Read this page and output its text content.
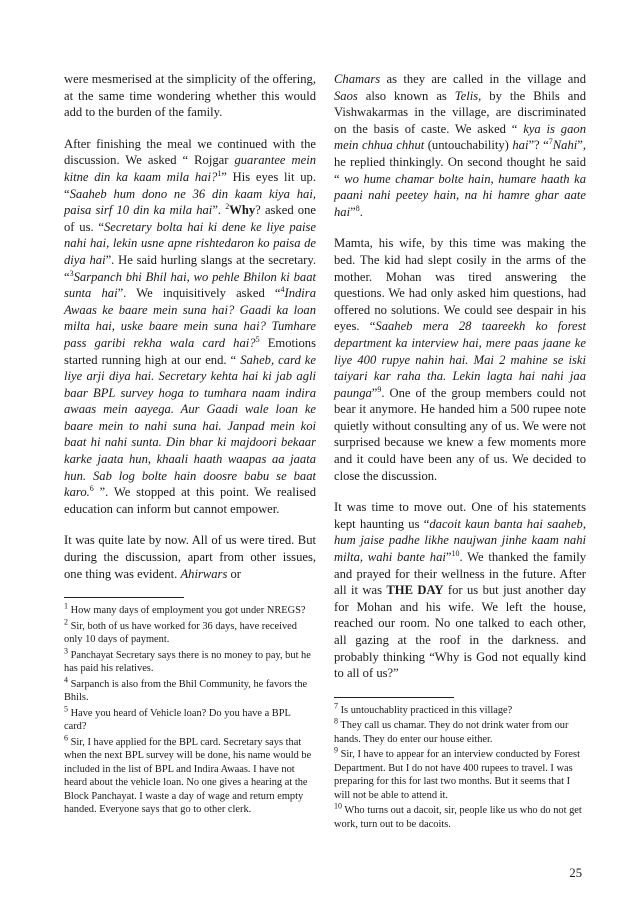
were mesmerised at the simplicity of the offering, at the same time wondering whether this would add to the burden of the family.

After finishing the meal we continued with the discussion. We asked “ Rojgar guarantee mein kitne din ka kaam mila hai?$^1$” His eyes lit up. “Saaheb hum dono ne 36 din kaam kiya hai, paisa sirf 10 din ka mila hai”. $^2$Why? asked one of us. “Secretary bolta hai ki dene ke liye paise nahi hai, lekin usne apne rishtedaron ko paisa de diya hai”. He said hurling slangs at the secretary. “$^3$Sarpanch bhi Bhil hai, wo pehle Bhilon ki baat sunta hai”. We inquisitively asked “$^4$Indira Awaas ke baare mein suna hai? Gaadi ka loan milta hai, uske baare mein suna hai? Tumhare pass garibi rekha wala card hai?$^5$ Emotions started running high at our end. “ Saheb, card ke liye arji diya hai. Secretary kehta hai ki jab agli baar BPL survey hoga to tumhara naam indira awaas mein aayega. Aur Gaadi wale loan ke baare mein to nahi suna hai. Janpad mein koi baat hi nahi sunta. Din bhar ki majdoori bekaar karke jaata hun, khaali haath waapas aa jaata hun. Sab log bolte hain doosre babu se baat karo.$^6$ ”. We stopped at this point. We realised education can inform but cannot empower.

It was quite late by now. All of us were tired. But during the discussion, apart from other issues, one thing was evident. Ahirwars or

$^1$ How many days of employment you got under NREGS?

$^2$ Sir, both of us have worked for 36 days, have received only 10 days of payment.

$^3$ Panchayat Secretary says there is no money to pay, but he has paid his relatives.

$^4$ Sarpanch is also from the Bhil Community, he favors the Bhils.

$^5$ Have you heard of Vehicle loan? Do you have a BPL card?

$^6$ Sir, I have applied for the BPL card. Secretary says that when the next BPL survey will be done, his name would be included in the list of BPL and Indira Awaas. I have not heard about the vehicle loan. No one gives a hearing at the Block Panchayat. I waste a day of wage and return empty handed. Everyone says that go to other clerk.

Chamars as they are called in the village and Saos also known as Telis, by the Bhils and Vishwakarmas in the village, are discriminated on the basis of caste. We asked “ kya is gaon mein chhua chhut (untouchability) hai”? “$^7$Nahi”, he replied thinkingly. On second thought he said “ wo hume chamar bolte hain, humare haath ka paani nahi peetey hain, na hi hamre ghar aate hai”$^8$.

Mamta, his wife, by this time was making the bed. The kid had slept cosily in the arms of the mother. Mohan was tired answering the questions. We had only asked him questions, had offered no solutions. We could see despair in his eyes. “Saaheb mera 28 taareekh ko forest department ka interview hai, mere paas jaane ke liye 400 rupye nahin hai. Mai 2 mahine se iski taiyari kar raha tha. Lekin lagta hai nahi jaa paunga”$^9$. One of the group members could not bear it anymore. He handed him a 500 rupee note quietly without consulting any of us. We were not surprised because we knew a few moments more and it could have been any of us. We decided to close the discussion.

It was time to move out. One of his statements kept haunting us “dacoit kaun banta hai saaheb, hum jaise padhe likhe naujwan jinhe kaam nahi milta, wahi bante hai”$^{10}$. We thanked the family and prayed for their wellness in the future. After all it was THE DAY for us but just another day for Mohan and his wife. We left the house, reached our room. No one talked to each other, all gazing at the roof in the darkness. and probably thinking “Why is God not equally kind to all of us?”

$^7$ Is untouchablity practiced in this village?

$^8$ They call us chamar. They do not drink water from our hands. They do enter our house either.

$^9$ Sir, I have to appear for an interview conducted by Forest Department. But I do not have 400 rupees to travel. I was preparing for this for last two months. But it seems that I will not be able to attend it.

$^{10}$ Who turns out a dacoit, sir, people like us who do not get work, turn out to be dacoits.

25
